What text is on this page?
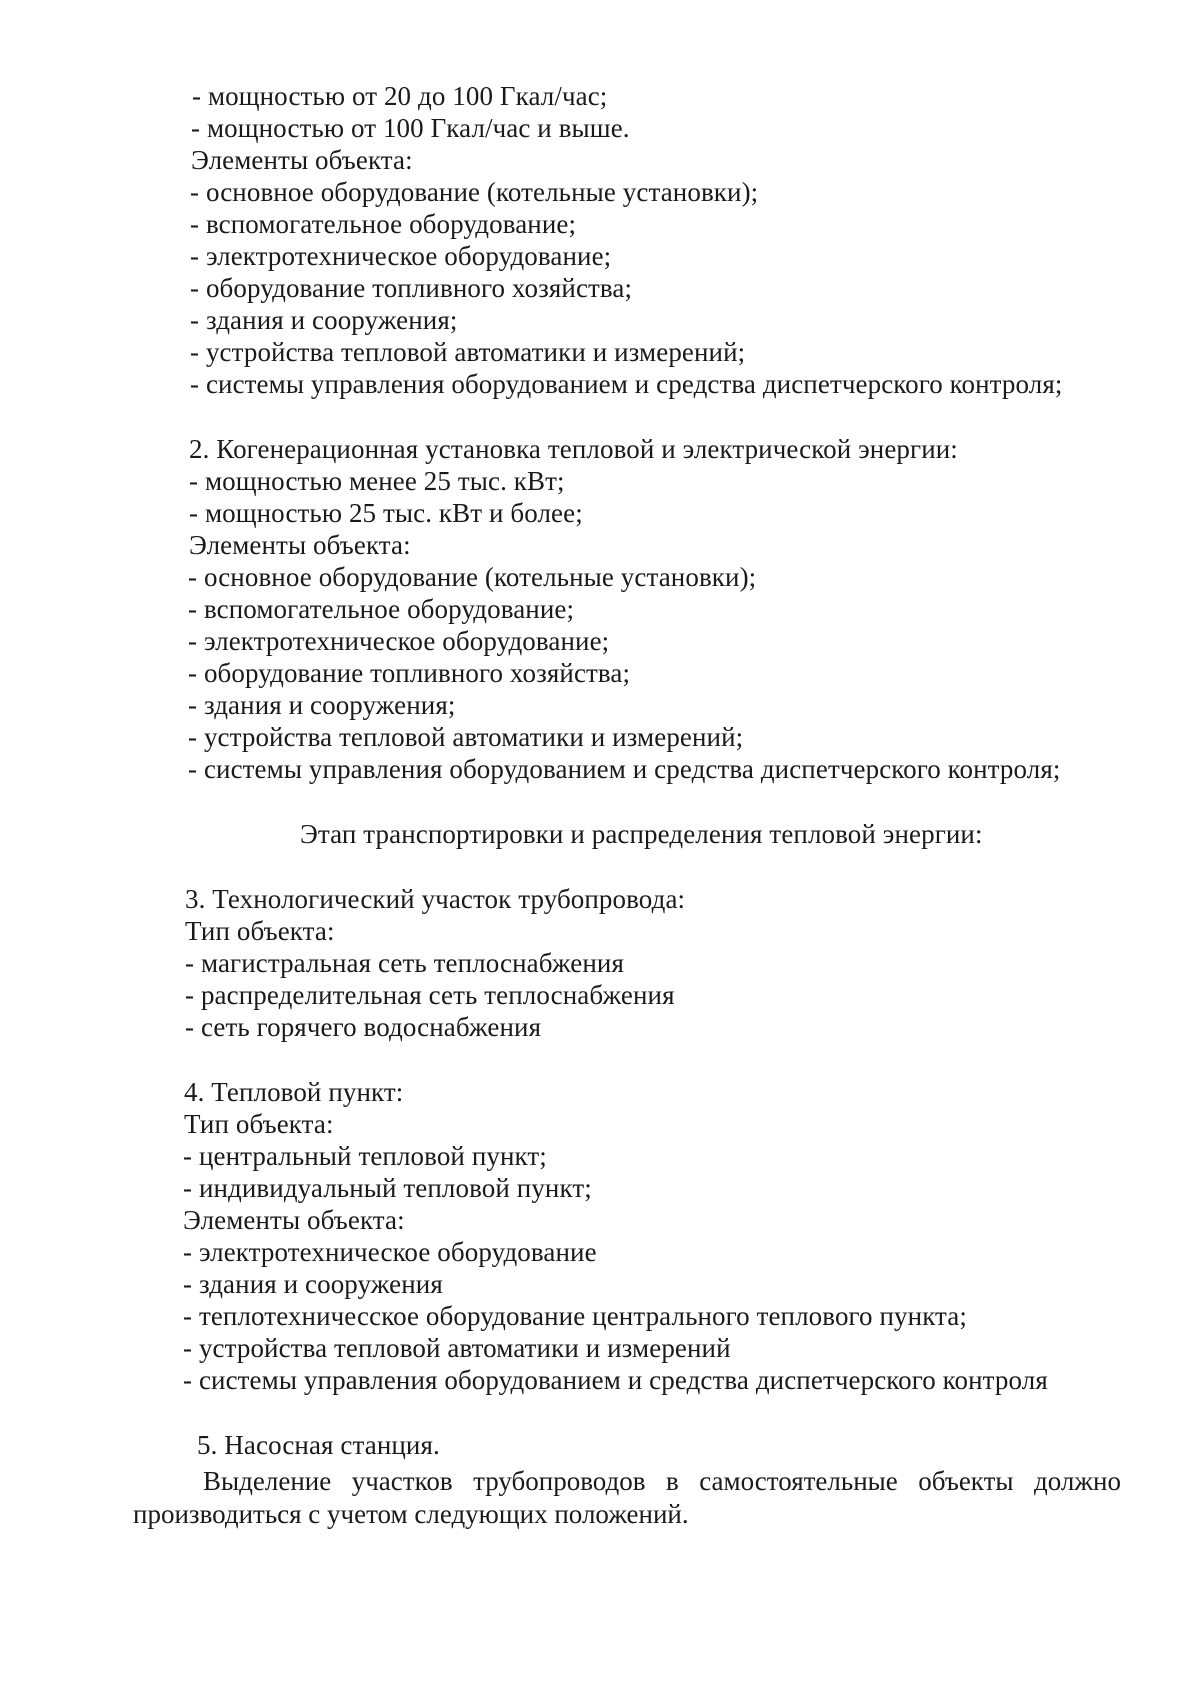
- мощностью от 20 до 100 Гкал/час;
- мощностью от 100 Гкал/час и выше.
Элементы объекта:
- основное оборудование (котельные установки);
- вспомогательное оборудование;
- электротехническое оборудование;
- оборудование топливного хозяйства;
- здания и сооружения;
- устройства тепловой автоматики и измерений;
- системы управления оборудованием и средства диспетчерского контроля;
2. Когенерационная установка тепловой и электрической энергии:
- мощностью менее 25 тыс. кВт;
- мощностью 25 тыс. кВт и более;
Элементы объекта:
- основное оборудование (котельные установки);
- вспомогательное оборудование;
- электротехническое оборудование;
- оборудование топливного хозяйства;
- здания и сооружения;
- устройства тепловой автоматики и измерений;
- системы управления оборудованием и средства диспетчерского контроля;
Этап транспортировки и распределения тепловой энергии:
3. Технологический участок трубопровода:
Тип объекта:
- магистральная сеть теплоснабжения
- распределительная сеть теплоснабжения
- сеть горячего водоснабжения
4. Тепловой пункт:
Тип объекта:
- центральный тепловой пункт;
- индивидуальный тепловой пункт;
Элементы объекта:
- электротехническое оборудование
- здания и сооружения
- теплотехничесское оборудование центрального теплового пункта;
- устройства тепловой автоматики и измерений
- системы управления оборудованием и средства диспетчерского контроля
5. Насосная станция.
Выделение участков трубопроводов в самостоятельные объекты должно
производиться с учетом следующих положений.
